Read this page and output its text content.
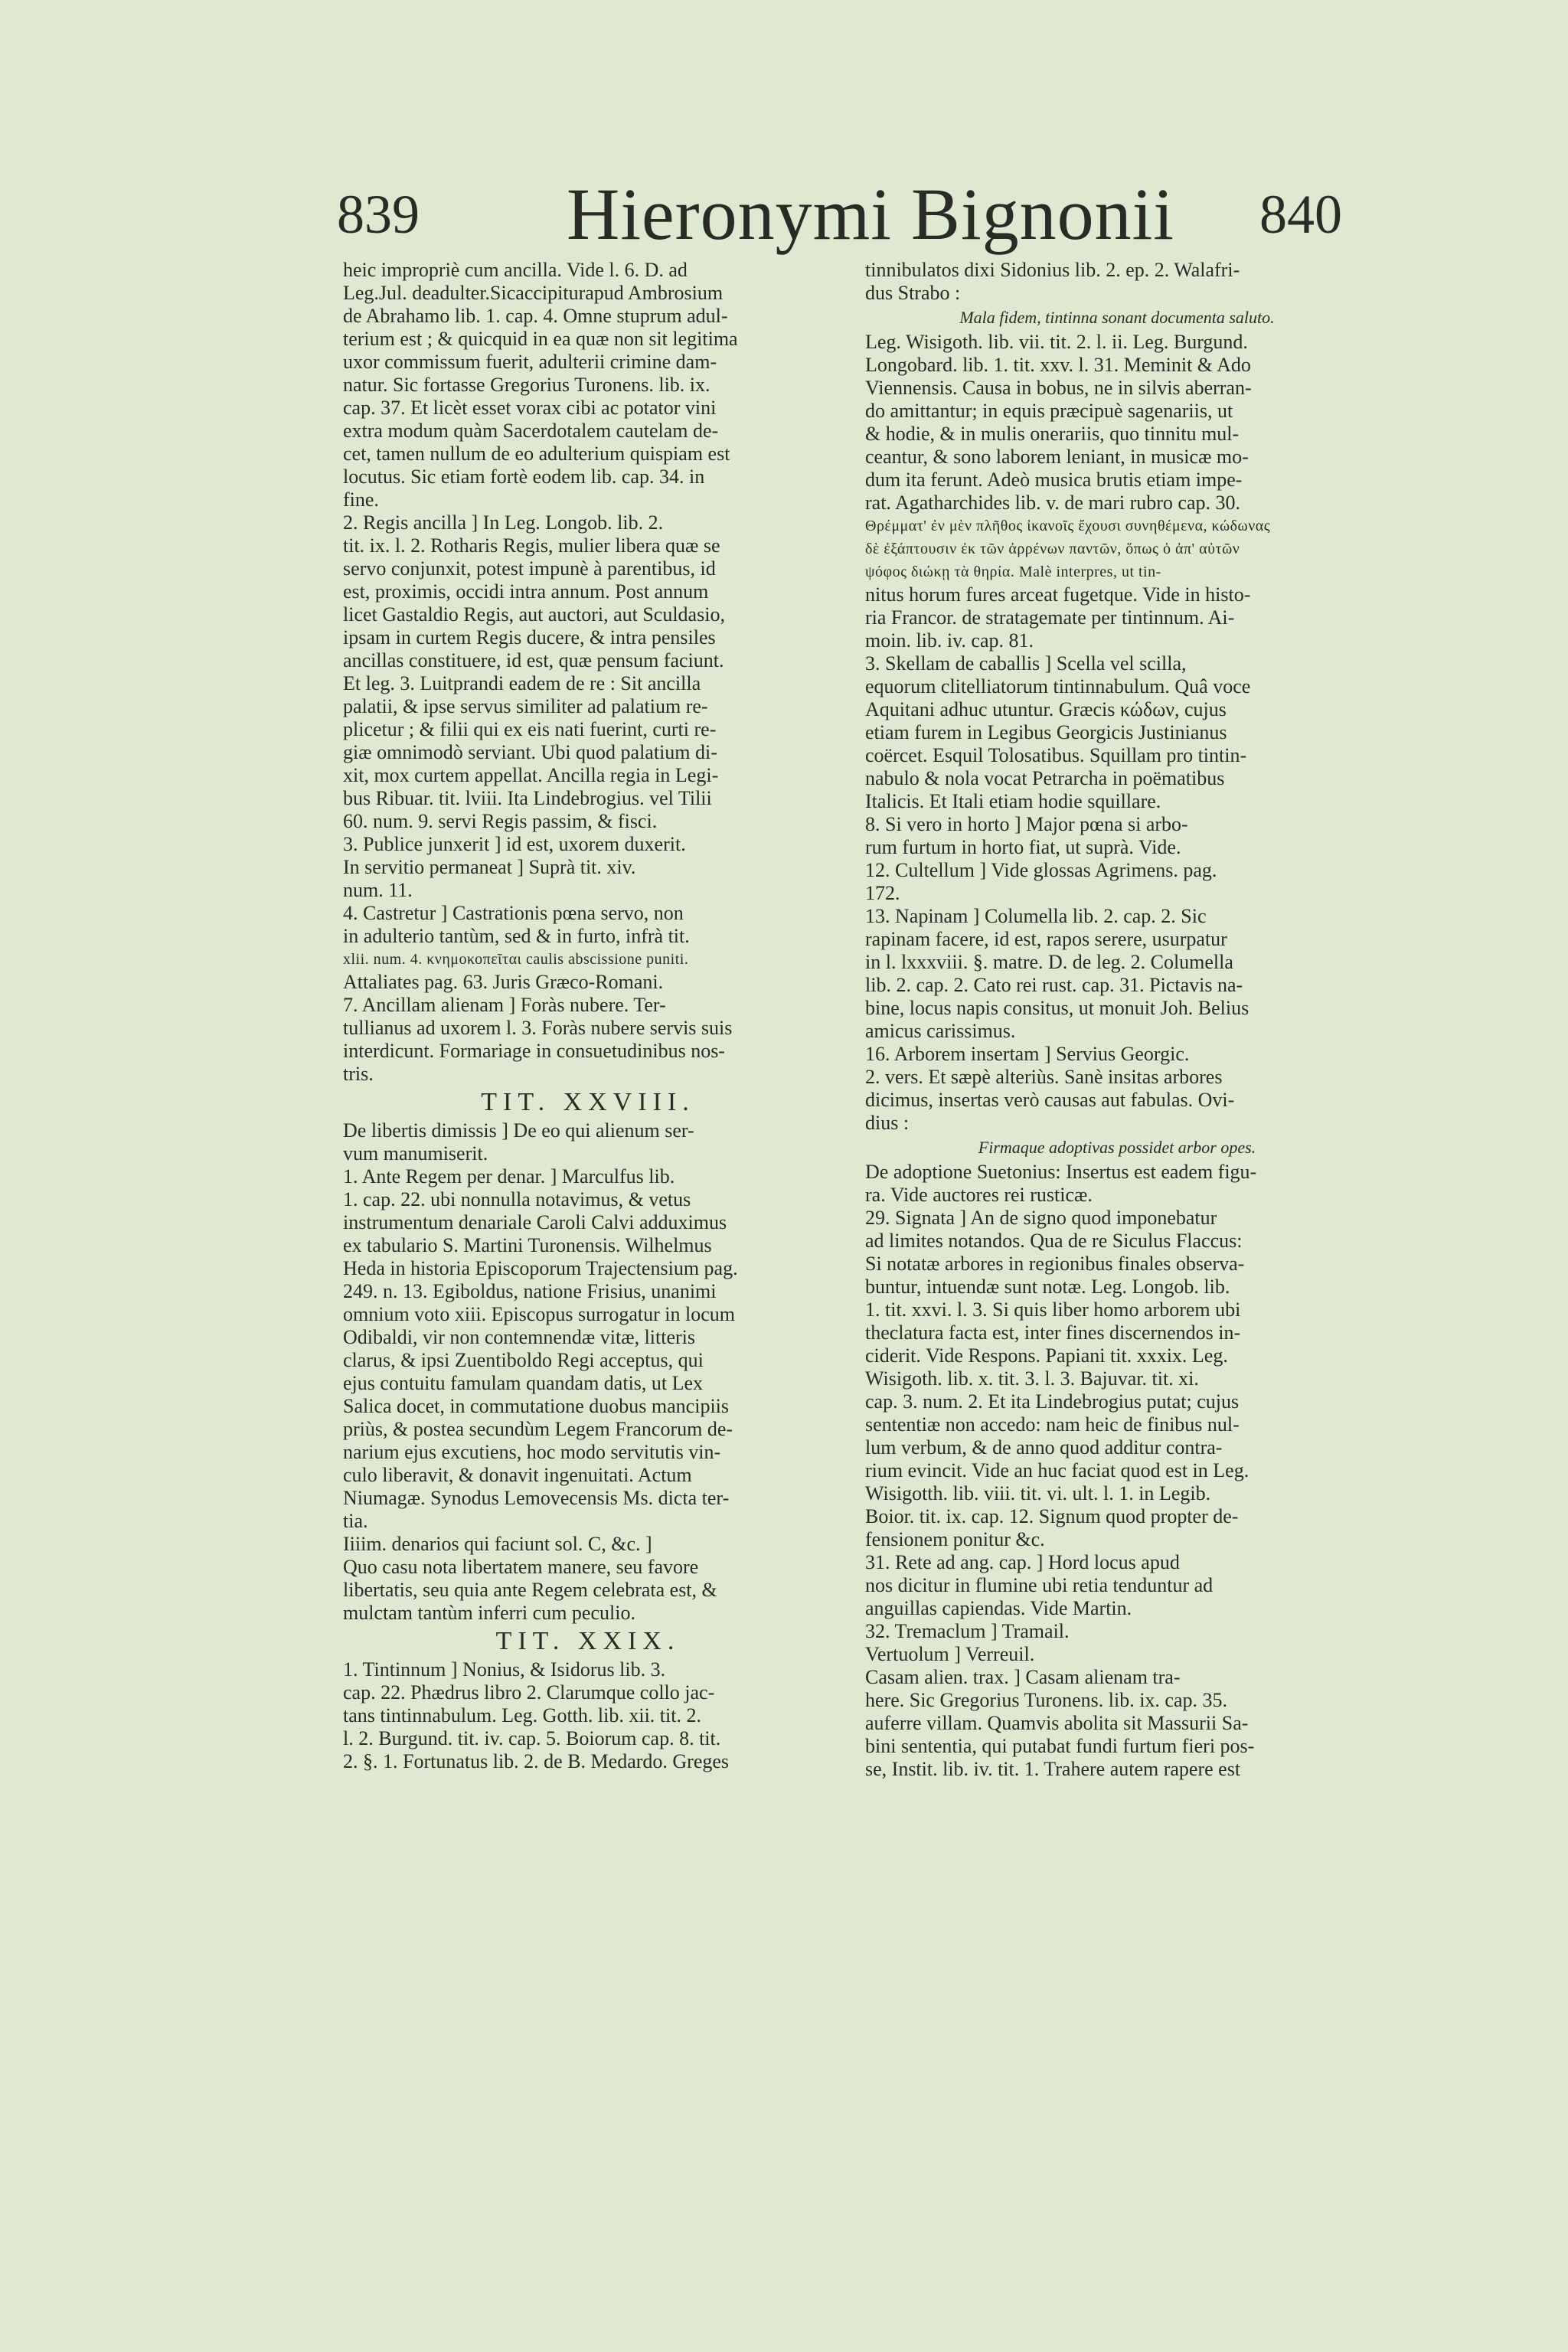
839 Hieronymi Bignonii 840
heic impropriè cum ancilla. Vide l. 6. D. ad
Leg.Jul. deadulter.Sicaccipiturapud Ambrosium
de Abrahamo lib. 1. cap. 4. Omne stuprum adul-
terium est ; & quicquid in ea quæ non sit legitima
uxor commissum fuerit, adulterii crimine dam-
natur. Sic fortasse Gregorius Turonens. lib. ix.
cap. 37. Et licèt esset vorax cibi ac potator vini
extra modum quàm Sacerdotalem cautelam de-
cet, tamen nullum de eo adulterium quispiam est
locutus. Sic etiam fortè eodem lib. cap. 34. in
fine.
2. Regis ancilla ] In Leg. Longob. lib. 2.
tit. ix. l. 2. Rotharis Regis, mulier libera quæ se
servo conjunxit, potest impunè à parentibus, id
est, proximis, occidi intra annum. Post annum
licet Gastaldio Regis, aut auctori, aut Sculdasio,
ipsam in curtem Regis ducere, & intra pensiles
ancillas constituere, id est, quæ pensum faciunt.
Et leg. 3. Luitprandi eadem de re : Sit ancilla
palatii, & ipse servus similiter ad palatium re-
plicetur ; & filii qui ex eis nati fuerint, curti re-
giæ omnimodò serviant. Ubi quod palatium di-
xit, mox curtem appellat. Ancilla regia in Legi-
bus Ribuar. tit. lviii. Ita Lindebrogius. vel Tilii
60. num. 9. servi Regis passim, & fisci.
3. Publice junxerit ] id est, uxorem duxerit.
In servitio permaneat ] Suprà tit. xiv.
num. 11.
4. Castretur ] Castrationis pœna servo, non
in adulterio tantùm, sed & in furto, infrà tit.
xlii. num. 4. κνημοκοπεῖται caulis abscissione puniti.
Attaliates pag. 63. Juris Græco-Romani.
7. Ancillam alienam ] Foràs nubere. Ter-
tullianus ad uxorem l. 3. Foràs nubere servis suis
interdicunt. Formariage in consuetudinibus nos-
tris.
TIT. XXVIII.
De libertis dimissis ] De eo qui alienum ser-
vum manumiserit.
1. Ante Regem per denar. ] Marculfus lib.
1. cap. 22. ubi nonnulla notavimus, & vetus
instrumentum denariale Caroli Calvi adduximus
ex tabulario S. Martini Turonensis. Wilhelmus
Heda in historia Episcoporum Trajectensium pag.
249. n. 13. Egiboldus, natione Frisius, unanimi
omnium voto xiii. Episcopus surrogatur in locum
Odibaldi, vir non contemnendæ vitæ, litteris
clarus, & ipsi Zuentiboldo Regi acceptus, qui
ejus contuitu famulam quandam datis, ut Lex
Salica docet, in commutatione duobus mancipiis
priùs, & postea secundùm Legem Francorum de-
narium ejus excutiens, hoc modo servitutis vin-
culo liberavit, & donavit ingenuitati. Actum
Niumagæ. Synodus Lemovecensis Ms. dicta ter-
tia.
Iiiim. denarios qui faciunt sol. C, &c. ]
Quo casu nota libertatem manere, seu favore
libertatis, seu quia ante Regem celebrata est, &
mulctam tantùm inferri cum peculio.
TIT. XXIX.
1. Tintinnum ] Nonius, & Isidorus lib. 3.
cap. 22. Phædrus libro 2. Clarumque collo jac-
tans tintinnabulum. Leg. Gotth. lib. xii. tit. 2.
l. 2. Burgund. tit. iv. cap. 5. Boiorum cap. 8. tit.
2. §. 1. Fortunatus lib. 2. de B. Medardo. Greges
tinnibulatos dixi Sidonius lib. 2. ep. 2. Walafri-
dus Strabo :
Mala fidem, tintinna sonant documenta saluto.
Leg. Wisigoth. lib. vii. tit. 2. l. ii. Leg. Burgund.
Longobard. lib. 1. tit. xxv. l. 31. Meminit & Ado
Viennensis. Causa in bobus, ne in silvis aberran-
do amittantur; in equis præcipuè sagenariis, ut
& hodie, & in mulis onerariis, quo tinnitu mul-
ceantur, & sono laborem leniant, in musicæ mo-
dum ita ferunt. Adeò musica brutis etiam impe-
rat. Agatharchides lib. v. de mari rubro cap. 30.
Θρέμματ' ἐν μὲν πλῆθος ἰκανοῖς ἔχουσι συνηθέμενα, κώδωνας
δὲ ἐξάπτουσιν ἐκ τῶν ἀρρένων παντῶν, ὅπως ὁ ἀπ' αὐτῶν
ψόφος διώκῃ τὰ θηρία. Malè interpres, ut tin-
nitus horum fures arceat fugetque. Vide in histo-
ria Francor. de stratagemate per tintinnum. Ai-
moin. lib. iv. cap. 81.
3. Skellam de caballis ] Scella vel scilla,
equorum clitelliatorum tintinnabulum. Quâ voce
Aquitani adhuc utuntur. Græcis κώδων, cujus
etiam furem in Legibus Georgicis Justinianus
coërcet. Esquil Tolosatibus. Squillam pro tintin-
nabulo & nola vocat Petrarcha in poëmatibus
Italicis. Et Itali etiam hodie squillare.
8. Si vero in horto ] Major pœna si arbo-
rum furtum in horto fiat, ut suprà. Vide.
12. Cultellum ] Vide glossas Agrimens. pag.
172.
13. Napinam ] Columella lib. 2. cap. 2. Sic
rapinam facere, id est, rapos serere, usurpatur
in l. lxxxviii. §. matre. D. de leg. 2. Columella
lib. 2. cap. 2. Cato rei rust. cap. 31. Pictavis na-
bine, locus napis consitus, ut monuit Joh. Belius
amicus carissimus.
16. Arborem insertam ] Servius Georgic.
2. vers. Et sæpè alteriùs. Sanè insitas arbores
dicimus, insertas verò causas aut fabulas. Ovi-
dius :
Firmaque adoptivas possidet arbor opes.
De adoptione Suetonius: Insertus est eadem figu-
ra. Vide auctores rei rusticæ.
29. Signata ] An de signo quod imponebatur
ad limites notandos. Qua de re Siculus Flaccus:
Si notatæ arbores in regionibus finales observa-
buntur, intuendæ sunt notæ. Leg. Longob. lib.
1. tit. xxvi. l. 3. Si quis liber homo arborem ubi
theclatura facta est, inter fines discernendos in-
ciderit. Vide Respons. Papiani tit. xxxix. Leg.
Wisigoth. lib. x. tit. 3. l. 3. Bajuvar. tit. xi.
cap. 3. num. 2. Et ita Lindebrogius putat; cujus
sententiæ non accedo: nam heic de finibus nul-
lum verbum, & de anno quod additur contra-
rium evincit. Vide an huc faciat quod est in Leg.
Wisigotth. lib. viii. tit. vi. ult. l. 1. in Legib.
Boior. tit. ix. cap. 12. Signum quod propter de-
fensionem ponitur &c.
31. Rete ad ang. cap. ] Hord locus apud
nos dicitur in flumine ubi retia tenduntur ad
anguillas capiendas. Vide Martin.
32. Tremaclum ] Tramail.
Vertuolum ] Verreuil.
Casam alien. trax. ] Casam alienam tra-
here. Sic Gregorius Turonens. lib. ix. cap. 35.
auferre villam. Quamvis abolita sit Massurii Sa-
bini sententia, qui putabat fundi furtum fieri pos-
se, Instit. lib. iv. tit. 1. Trahere autem rapere est
